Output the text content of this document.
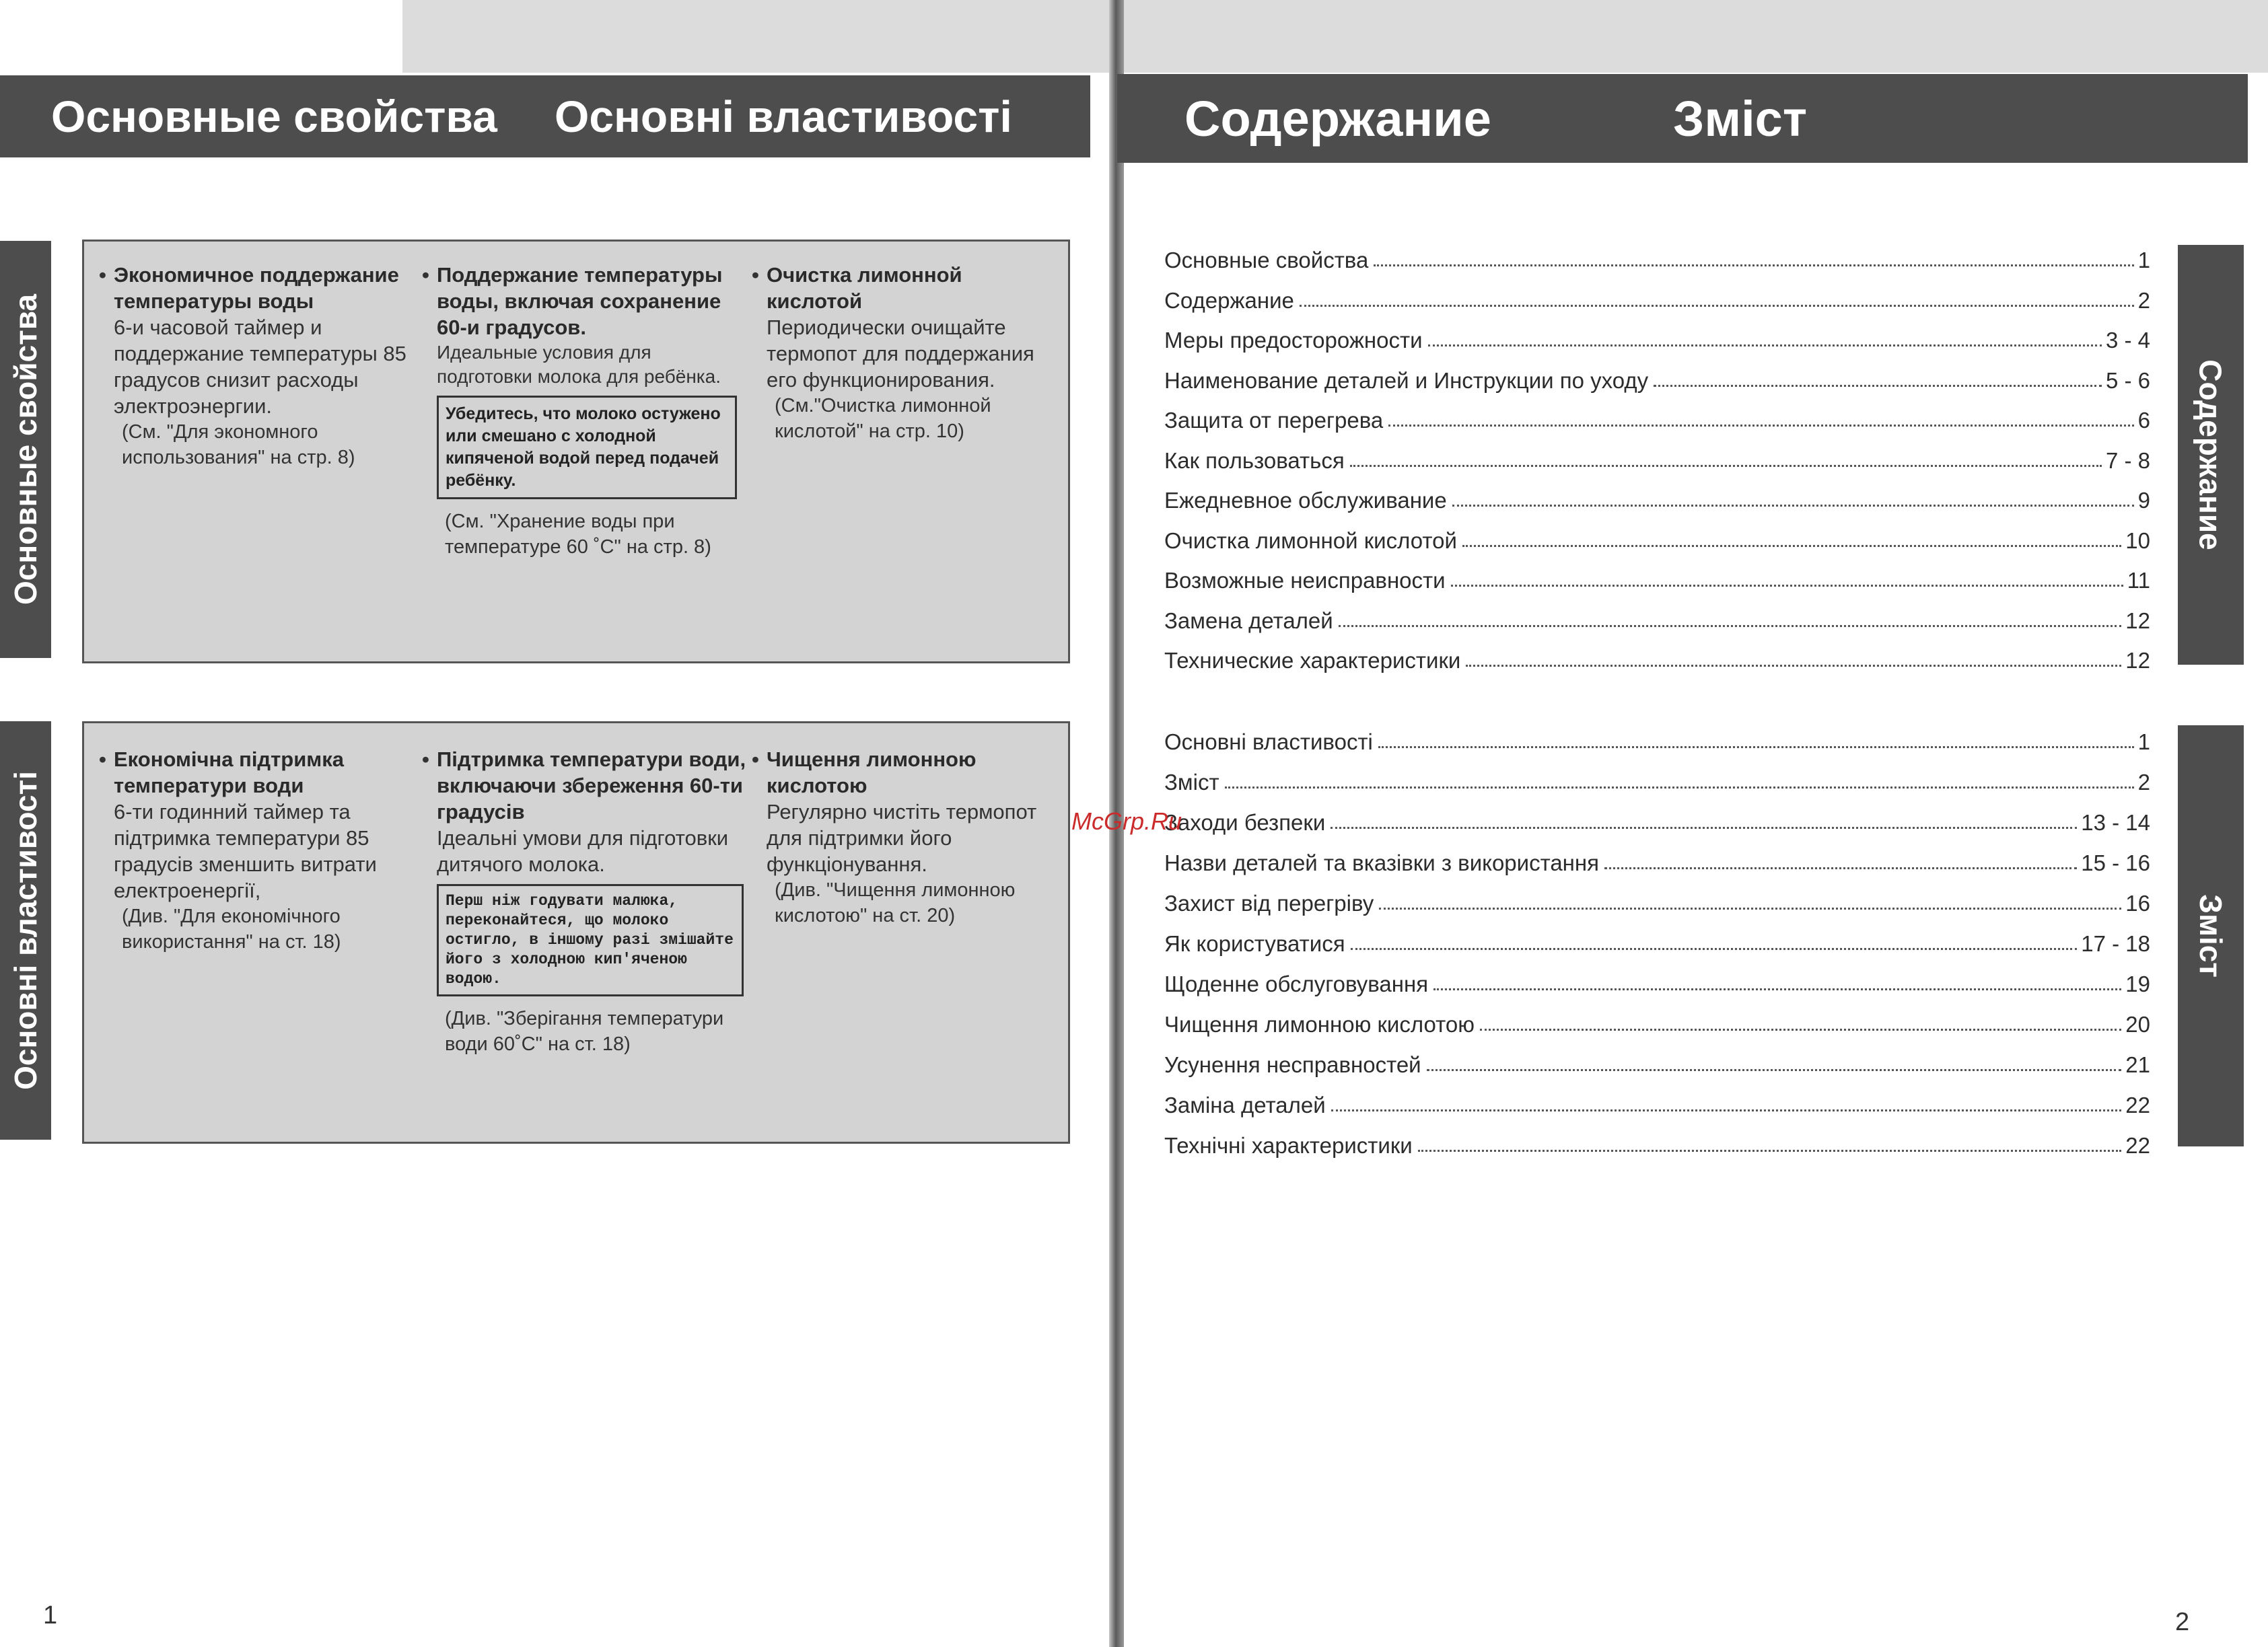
Основные свойства Основні властивості	Содержание	Зміст
Основные свойства
Основні властивості
Содержание
Зміст
• Экономичное поддержание температуры воды
6-и часовой таймер и поддержание температуры 85 градусов снизит расходы электроэнергии.
(См. "Для экономного использования" на стр. 8)
• Поддержание температуры воды, включая сохранение 60-и градусов.
Идеальные условия для подготовки молока для ребёнка.
Убедитесь, что молоко остужено или смешано с холодной кипяченой водой перед подачей ребёнку.
(См. "Хранение воды при температуре 60 ˚C" на стр. 8)
• Очистка лимонной кислотой
Периодически очищайте термопот для поддержания его функционирования.
(См."Очистка лимонной кислотой" на стр. 10)
• Економічна підтримка температури води
6-ти годинний таймер та підтримка температури 85 градусів зменшить витрати електроенергії,
(Див. "Для економічного використання" на ст. 18)
• Підтримка температури води, включаючи збереження 60-ти градусів
Ідеальні умови для підготовки дитячого молока.
Перш ніж годувати малюка, переконайтеся, що молоко остигло, в іншому разі змішайте його з холодною кип'яченою водою.
(Див. "Зберігання температури води 60˚C" на ст. 18)
• Чищення лимонною кислотою
Регулярно чистіть термопот для підтримки його функціонування.
(Див. "Чищення лимонною кислотою" на ст. 20)
Основные свойства	1
Содержание	2
Меры предосторожности	3 - 4
Наименование деталей и Инструкции по уходу	5 - 6
Защита от перегрева	6
Как пользоваться	7 - 8
Ежедневное обслуживание	9
Очистка лимонной кислотой	10
Возможные неисправности	11
Замена деталей	12
Технические характеристики	12
Основні властивості	1
Зміст	2
Заходи безпеки	13 - 14
Назви деталей та вказівки з використання	15 - 16
Захист від перегріву	16
Як користуватися	17 - 18
Щоденне обслуговування	19
Чищення лимонною кислотою	20
Усунення несправностей	21
Заміна деталей	22
Технічні характеристики	22
1	2
McGrp.Ru
